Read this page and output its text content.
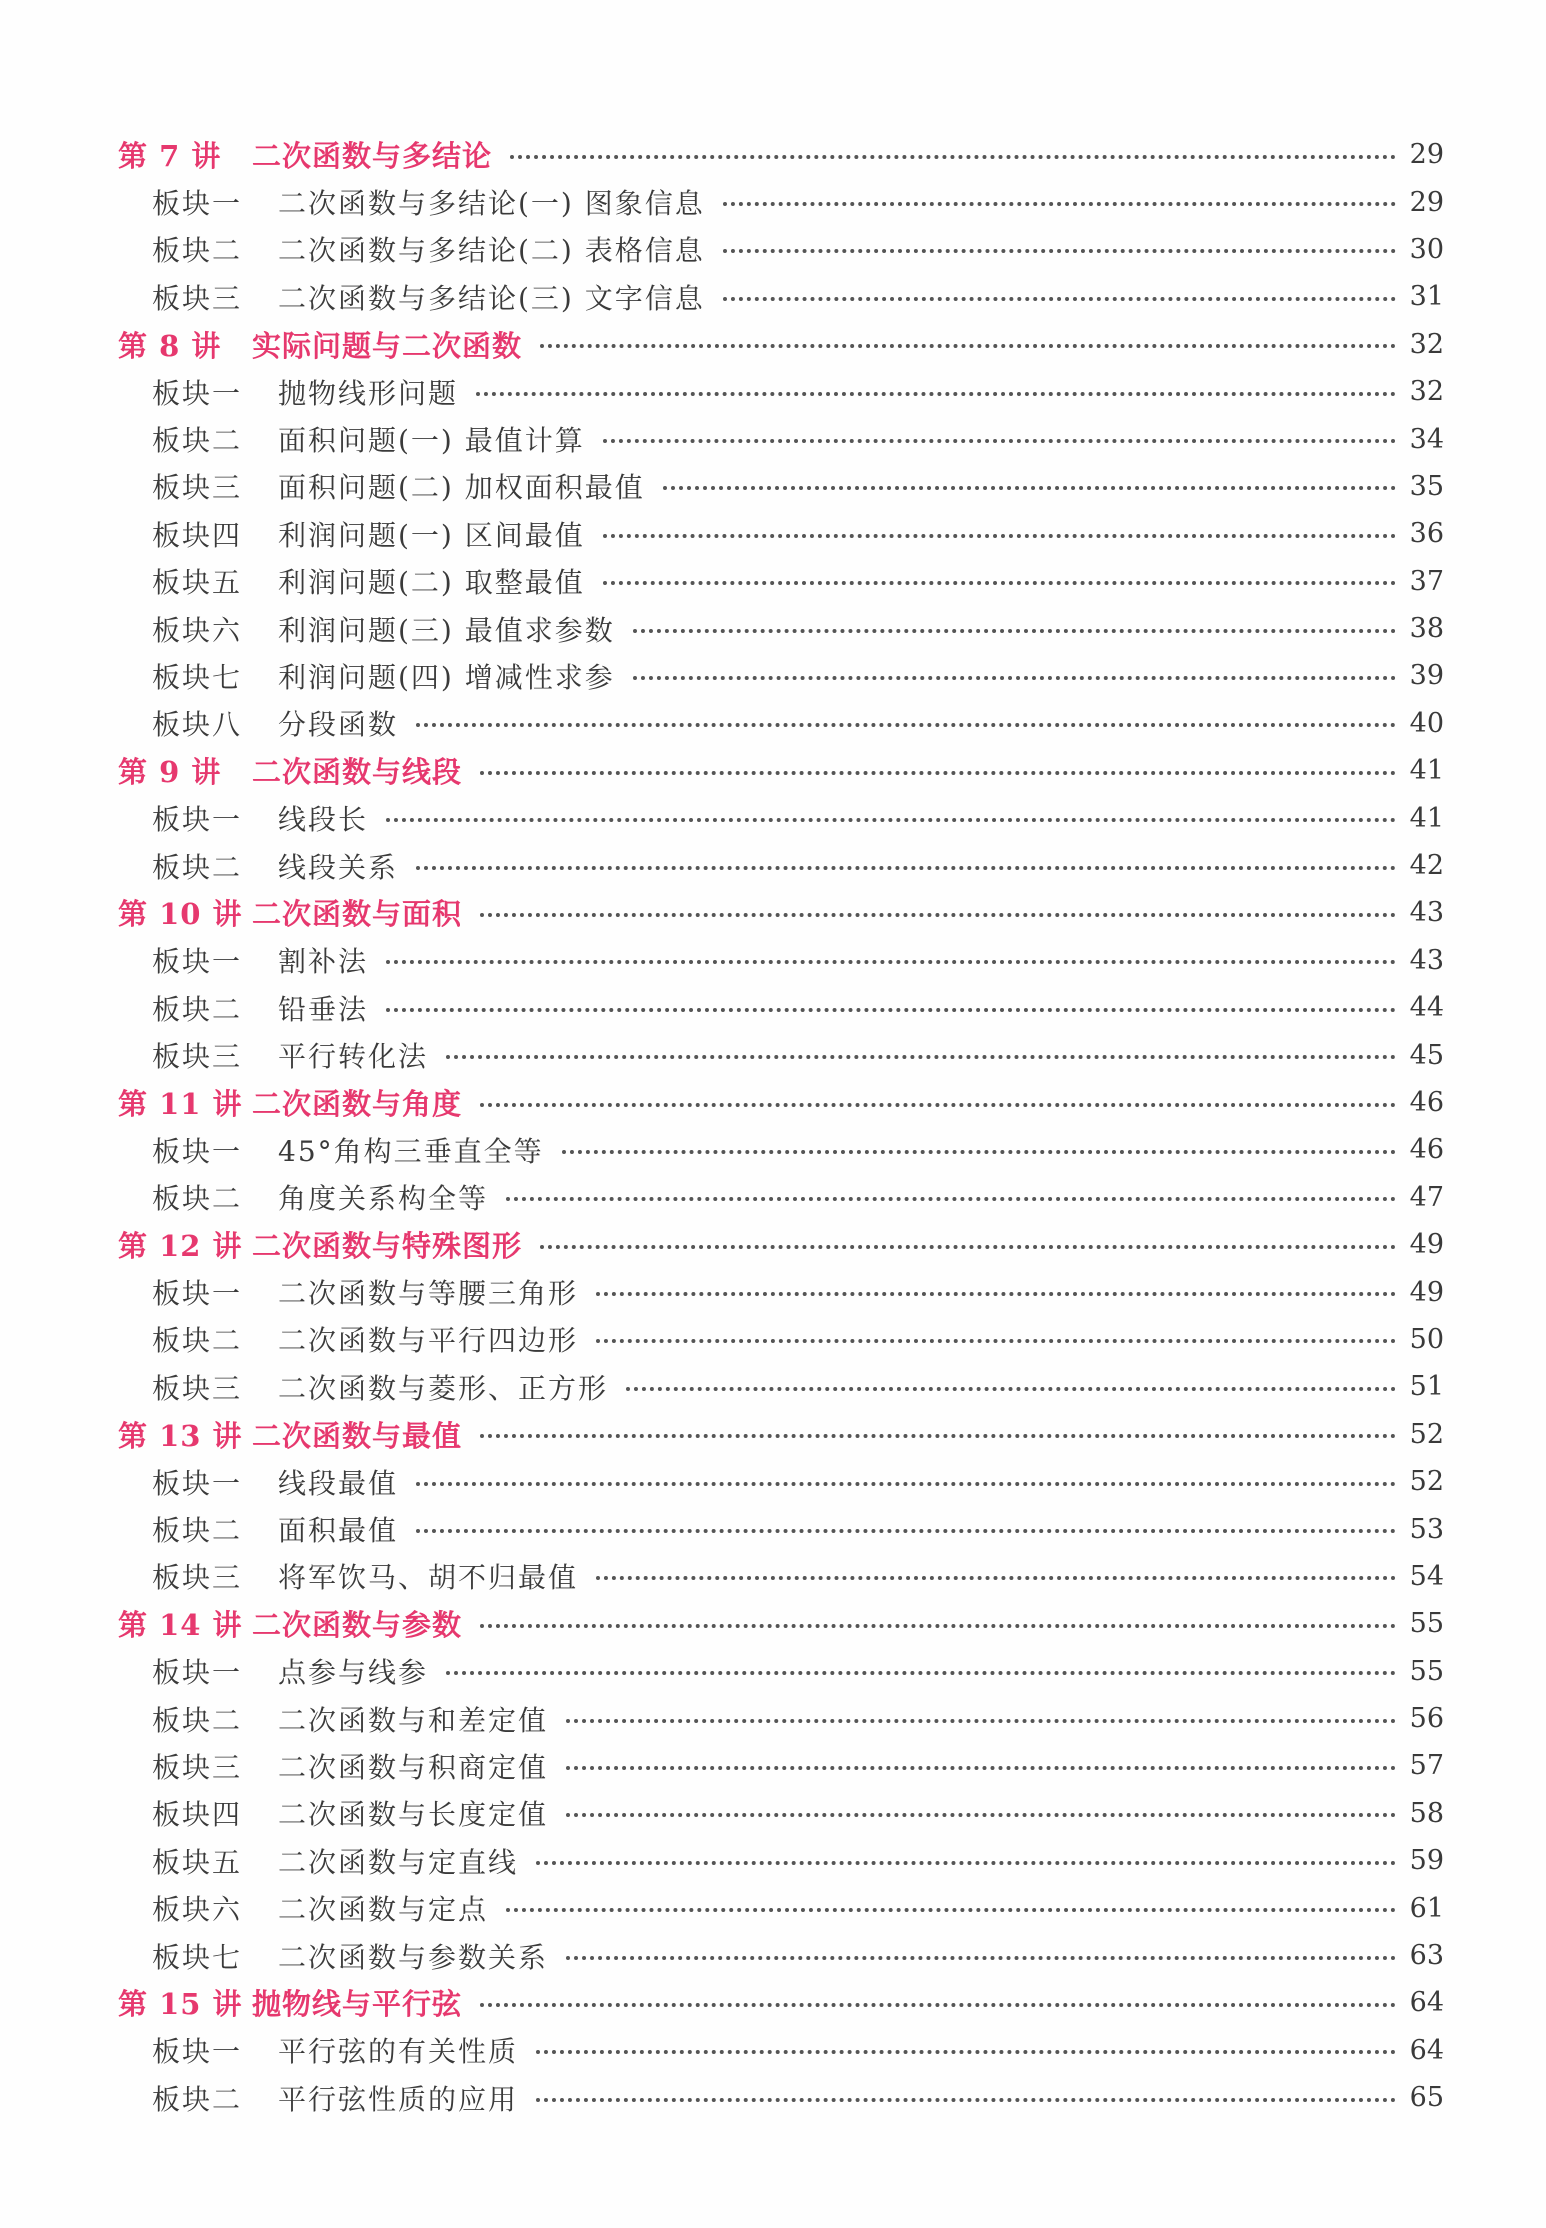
第 7 讲	二次函数与多结论	29
板块一	二次函数与多结论(一) 图象信息	29
板块二	二次函数与多结论(二) 表格信息	30
板块三	二次函数与多结论(三) 文字信息	31
第 8 讲	实际问题与二次函数	32
板块一	抛物线形问题	32
板块二	面积问题(一) 最值计算	34
板块三	面积问题(二) 加权面积最值	35
板块四	利润问题(一) 区间最值	36
板块五	利润问题(二) 取整最值	37
板块六	利润问题(三) 最值求参数	38
板块七	利润问题(四) 增减性求参	39
板块八	分段函数	40
第 9 讲	二次函数与线段	41
板块一	线段长	41
板块二	线段关系	42
第 10 讲 二次函数与面积	43
板块一	割补法	43
板块二	铅垂法	44
板块三	平行转化法	45
第 11 讲 二次函数与角度	46
板块一	45°角构三垂直全等	46
板块二	角度关系构全等	47
第 12 讲 二次函数与特殊图形	49
板块一	二次函数与等腰三角形	49
板块二	二次函数与平行四边形	50
板块三	二次函数与菱形、正方形	51
第 13 讲 二次函数与最值	52
板块一	线段最值	52
板块二	面积最值	53
板块三	将军饮马、胡不归最值	54
第 14 讲 二次函数与参数	55
板块一	点参与线参	55
板块二	二次函数与和差定值	56
板块三	二次函数与积商定值	57
板块四	二次函数与长度定值	58
板块五	二次函数与定直线	59
板块六	二次函数与定点	61
板块七	二次函数与参数关系	63
第 15 讲 抛物线与平行弦	64
板块一	平行弦的有关性质	64
板块二	平行弦性质的应用	65
